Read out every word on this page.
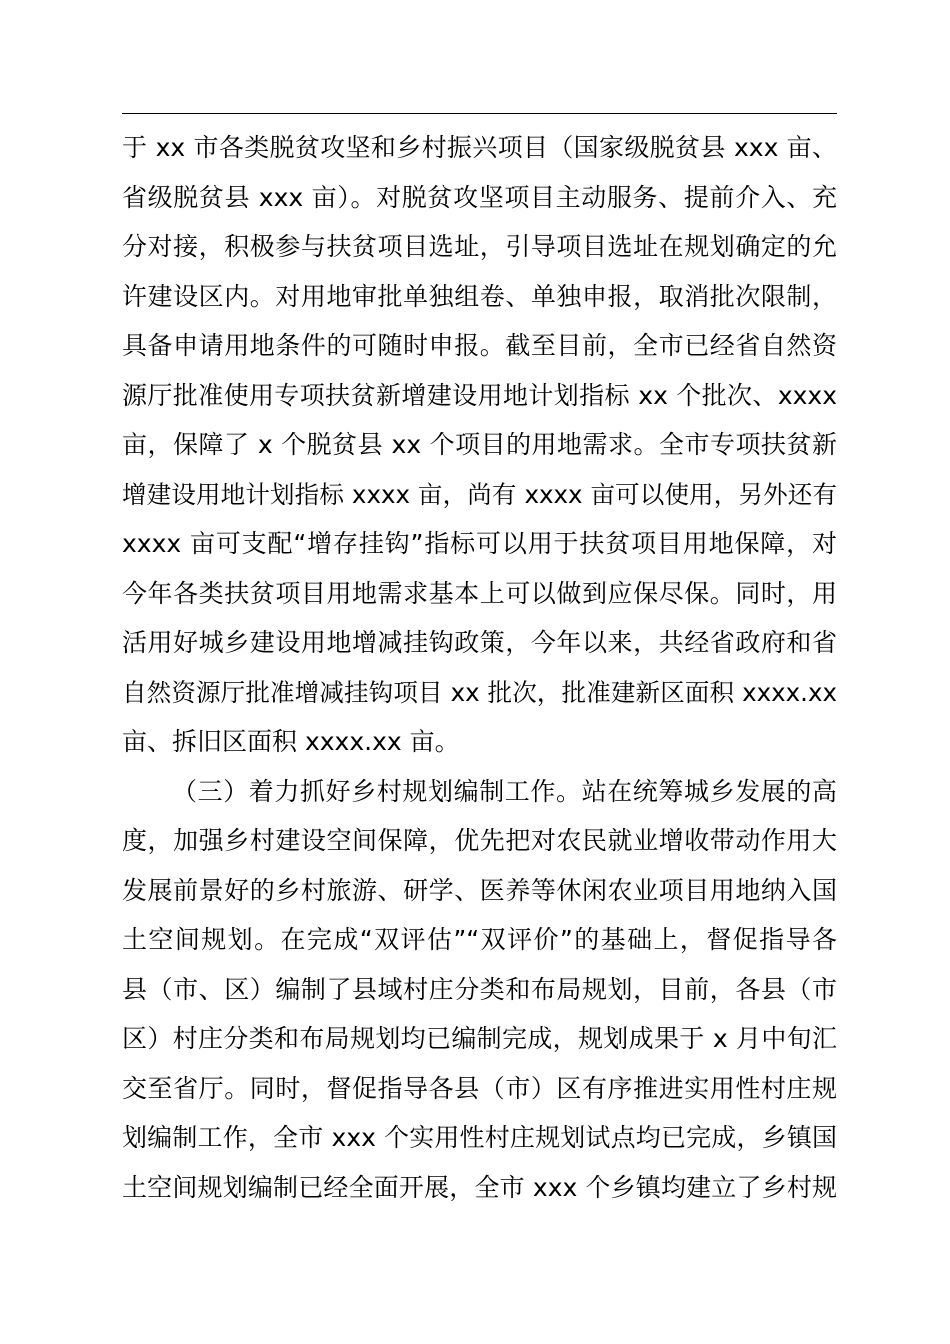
于 xx 市各类脱贫攻坚和乡村振兴项目（国家级脱贫县 xxx 亩、
省级脱贫县 xxx 亩）。对脱贫攻坚项目主动服务、提前介入、充
分对接，积极参与扶贫项目选址，引导项目选址在规划确定的允
许建设区内。对用地审批单独组卷、单独申报，取消批次限制，
具备申请用地条件的可随时申报。截至目前，全市已经省自然资
源厅批准使用专项扶贫新增建设用地计划指标 xx 个批次、xxxx
亩，保障了 x 个脱贫县 xx 个项目的用地需求。全市专项扶贫新
增建设用地计划指标 xxxx 亩，尚有 xxxx 亩可以使用，另外还有
xxxx 亩可支配“增存挂钩”指标可以用于扶贫项目用地保障，对
今年各类扶贫项目用地需求基本上可以做到应保尽保。同时，用
活用好城乡建设用地增减挂钩政策，今年以来，共经省政府和省
自然资源厅批准增减挂钩项目 xx 批次，批准建新区面积 xxxx.xx
亩、拆旧区面积 xxxx.xx 亩。
（三）着力抓好乡村规划编制工作。站在统筹城乡发展的高
度，加强乡村建设空间保障，优先把对农民就业增收带动作用大
发展前景好的乡村旅游、研学、医养等休闲农业项目用地纳入国
土空间规划。在完成“双评估”“双评价”的基础上，督促指导各
县（市、区）编制了县域村庄分类和布局规划，目前，各县（市
区）村庄分类和布局规划均已编制完成，规划成果于 x 月中旬汇
交至省厅。同时，督促指导各县（市）区有序推进实用性村庄规
划编制工作，全市 xxx 个实用性村庄规划试点均已完成，乡镇国
土空间规划编制已经全面开展，全市 xxx 个乡镇均建立了乡村规
